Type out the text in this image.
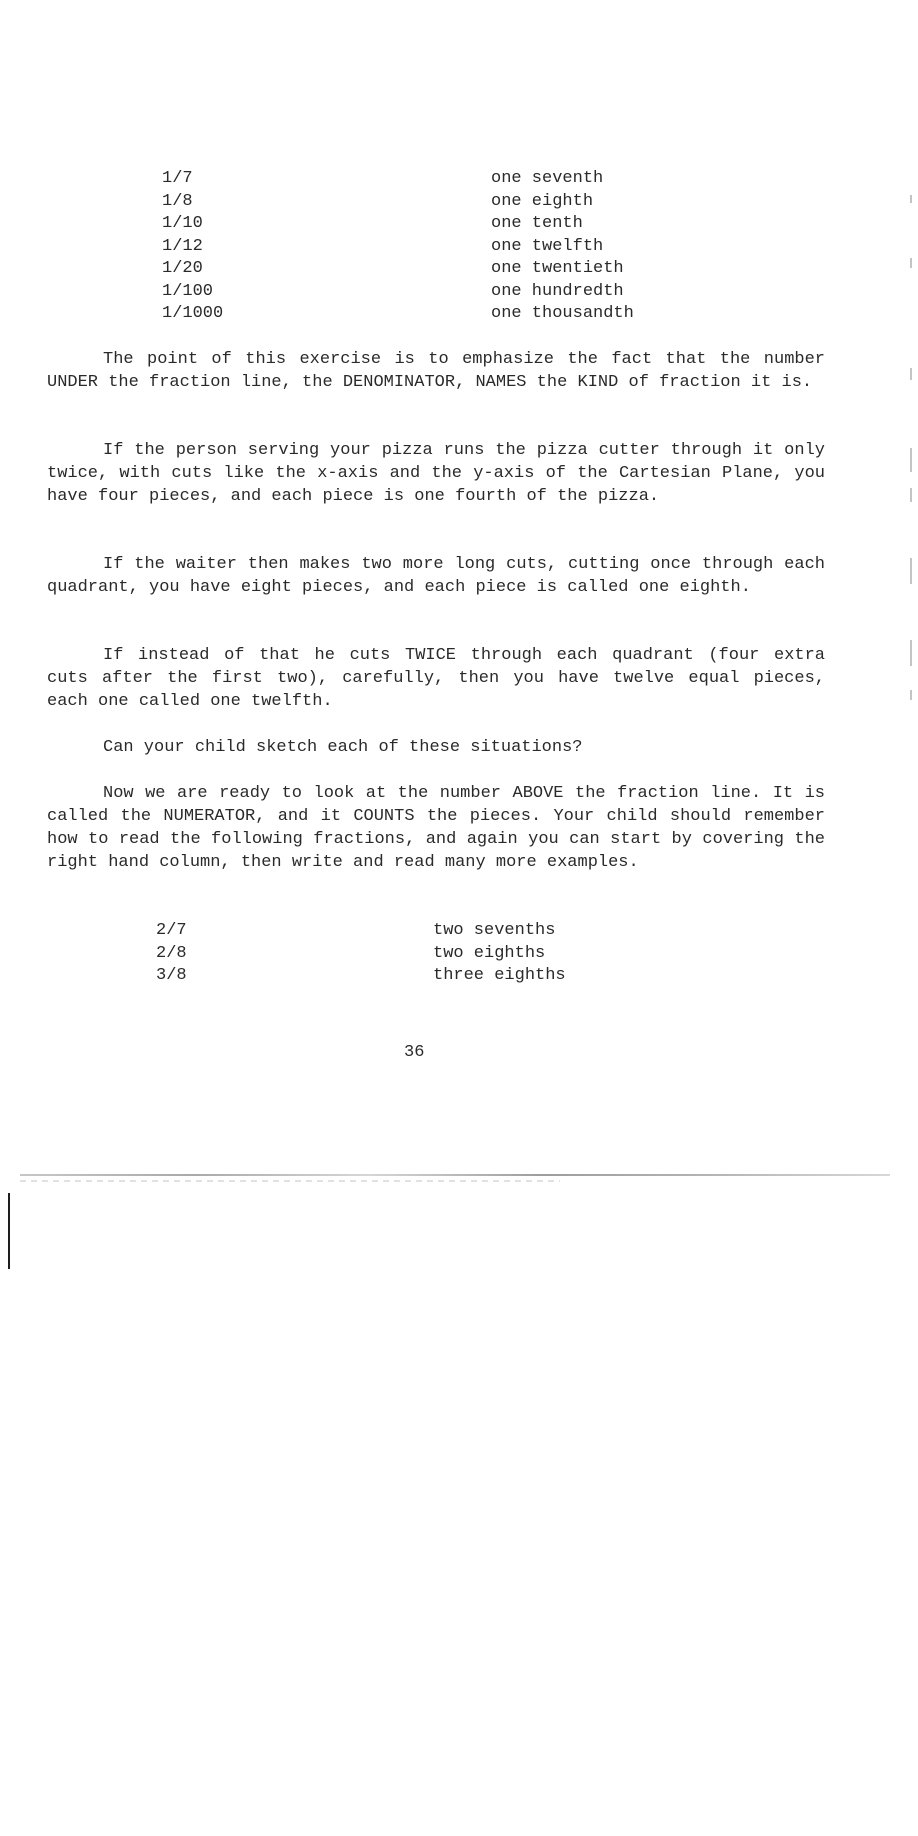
1/7	one seventh
1/8	one eighth
1/10	one tenth
1/12	one twelfth
1/20	one twentieth
1/100	one hundredth
1/1000	one thousandth

The point of this exercise is to emphasize the fact that the number UNDER the fraction line, the DENOMINATOR, NAMES the KIND of fraction it is.

If the person serving your pizza runs the pizza cutter through it only twice, with cuts like the x-axis and the y-axis of the Cartesian Plane, you have four pieces, and each piece is one fourth of the pizza.

If the waiter then makes two more long cuts, cutting once through each quadrant, you have eight pieces, and each piece is called one eighth.

If instead of that he cuts TWICE through each quadrant (four extra cuts after the first two), carefully, then you have twelve equal pieces, each one called one twelfth.

Can your child sketch each of these situations?

Now we are ready to look at the number ABOVE the fraction line. It is called the NUMERATOR, and it COUNTS the pieces. Your child should remember how to read the following fractions, and again you can start by covering the right hand column, then write and read many more examples.

2/7	two sevenths
2/8	two eighths
3/8	three eighths
36
